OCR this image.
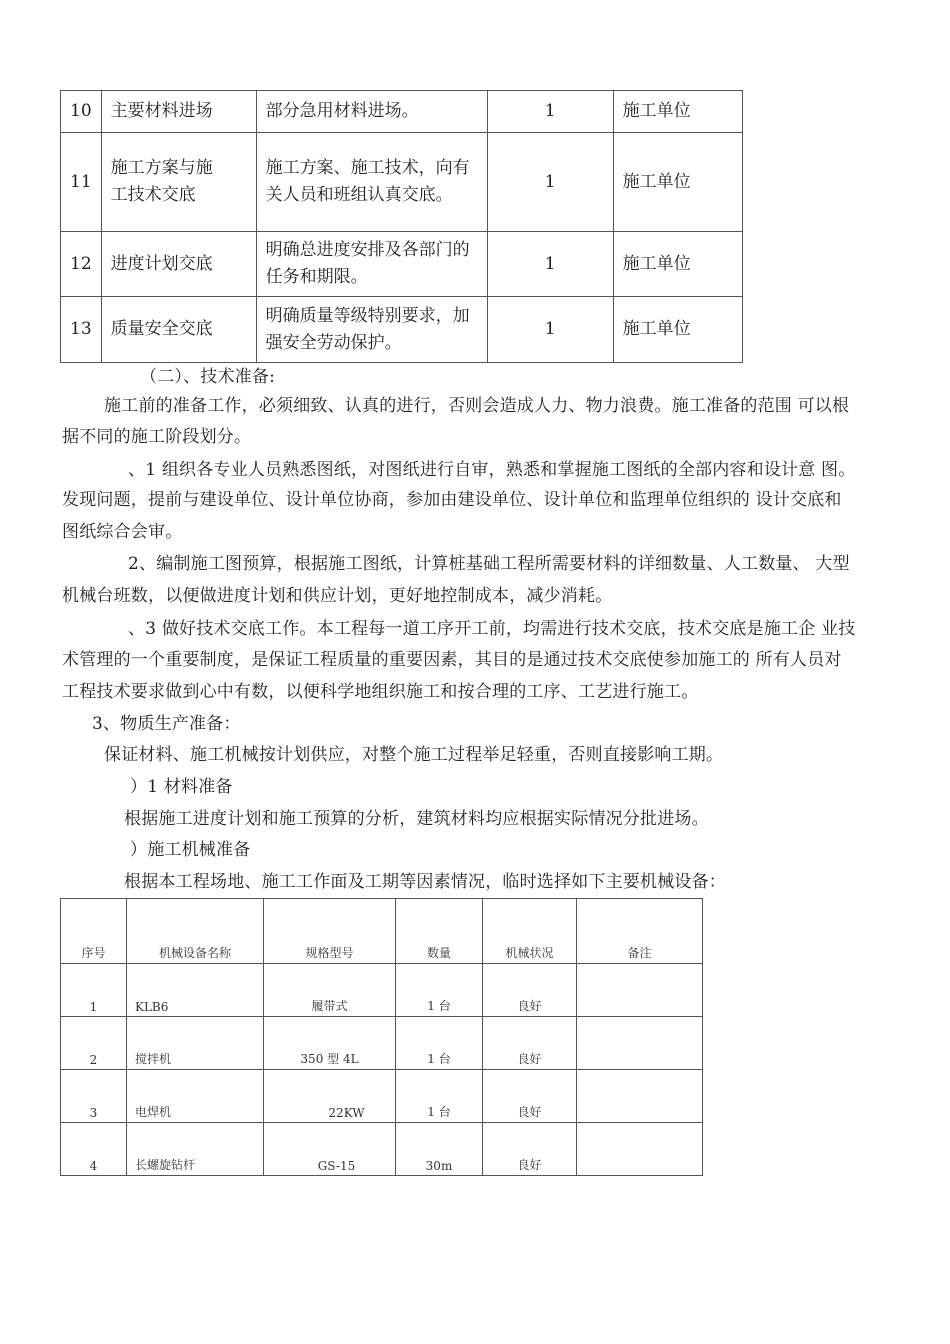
10	主要材料进场	部分急用材料进场。	1	施工单位
11	施工方案与施工技术交底	施工方案、施工技术，向有关人员和班组认真交底。	1	施工单位
12	进度计划交底	明确总进度安排及各部门的任务和期限。	1	施工单位
13	质量安全交底	明确质量等级特别要求，加强安全劳动保护。	1	施工单位
（二）、技术准备:
施工前的准备工作，必须细致、认真的进行，否则会造成人力、物力浪费。施工准备的范围 可以根
据不同的施工阶段划分。
、1 组织各专业人员熟悉图纸，对图纸进行自审，熟悉和掌握施工图纸的全部内容和设计意 图。
发现问题，提前与建设单位、设计单位协商，参加由建设单位、设计单位和监理单位组织的 设计交底和
图纸综合会审。
2、编制施工图预算，根据施工图纸，计算桩基础工程所需要材料的详细数量、人工数量、 大型
机械台班数，以便做进度计划和供应计划，更好地控制成本，减少消耗。
、3 做好技术交底工作。本工程每一道工序开工前，均需进行技术交底，技术交底是施工企 业技
术管理的一个重要制度，是保证工程质量的重要因素，其目的是通过技术交底使参加施工的 所有人员对
工程技术要求做到心中有数，以便科学地组织施工和按合理的工序、工艺进行施工。
3、物质生产准备：
保证材料、施工机械按计划供应，对整个施工过程举足轻重，否则直接影响工期。
）1 材料准备
根据施工进度计划和施工预算的分析，建筑材料均应根据实际情况分批进场。
）施工机械准备
根据本工程场地、施工工作面及工期等因素情况，临时选择如下主要机械设备：
序号	机械设备名称	规格型号	数量	机械状况	备注
1	KLB6	履带式	1 台	良好	
2	搅拌机	350 型 4L	1 台	良好	
3	电焊机	22KW	1 台	良好	
4	长螺旋钻杆	GS-15	30m	良好	
